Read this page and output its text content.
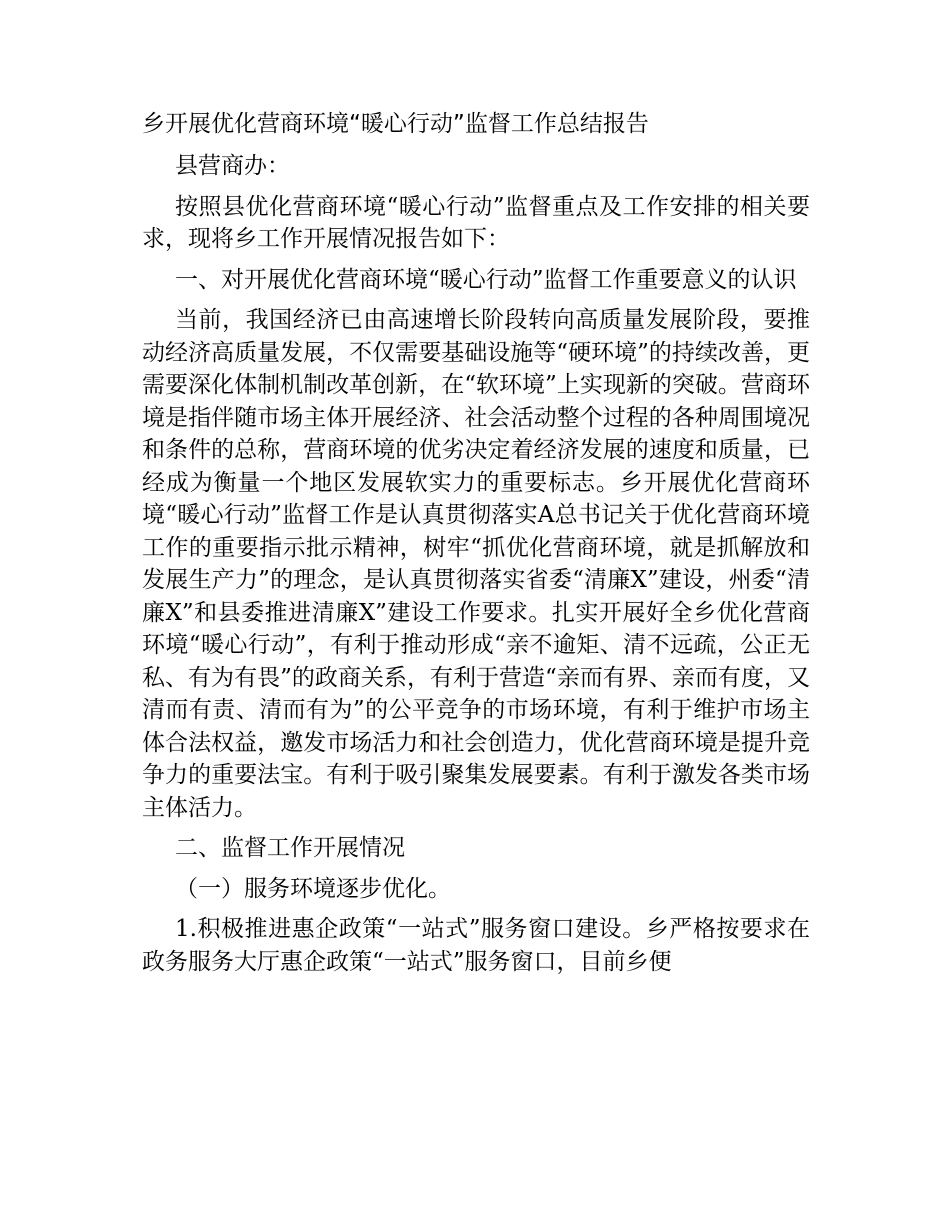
乡开展优化营商环境“暖心行动”监督工作总结报告

县营商办：

按照县优化营商环境“暖心行动”监督重点及工作安排的相关要求，现将乡工作开展情况报告如下：

一、对开展优化营商环境“暖心行动”监督工作重要意义的认识

当前，我国经济已由高速增长阶段转向高质量发展阶段，要推动经济高质量发展，不仅需要基础设施等“硬环境”的持续改善，更需要深化体制机制改革创新，在“软环境”上实现新的突破。营商环境是指伴随市场主体开展经济、社会活动整个过程的各种周围境况和条件的总称，营商环境的优劣决定着经济发展的速度和质量，已经成为衡量一个地区发展软实力的重要标志。乡开展优化营商环境“暖心行动”监督工作是认真贯彻落实A总书记关于优化营商环境工作的重要指示批示精神，树牢“抓优化营商环境，就是抓解放和发展生产力”的理念，是认真贯彻落实省委“清廉X”建设，州委“清廉X”和县委推进清廉X”建设工作要求。扎实开展好全乡优化营商环境“暖心行动”，有利于推动形成“亲不逾矩、清不远疏，公正无私、有为有畏”的政商关系，有利于营造“亲而有界、亲而有度，又清而有责、清而有为”的公平竞争的市场环境，有利于维护市场主体合法权益，邀发市场活力和社会创造力，优化营商环境是提升竞争力的重要法宝。有利于吸引聚集发展要素。有利于激发各类市场主体活力。

二、监督工作开展情况

（一）服务环境逐步优化。

1.积极推进惠企政策“一站式”服务窗口建设。乡严格按要求在政务服务大厅惠企政策“一站式”服务窗口，目前乡便
